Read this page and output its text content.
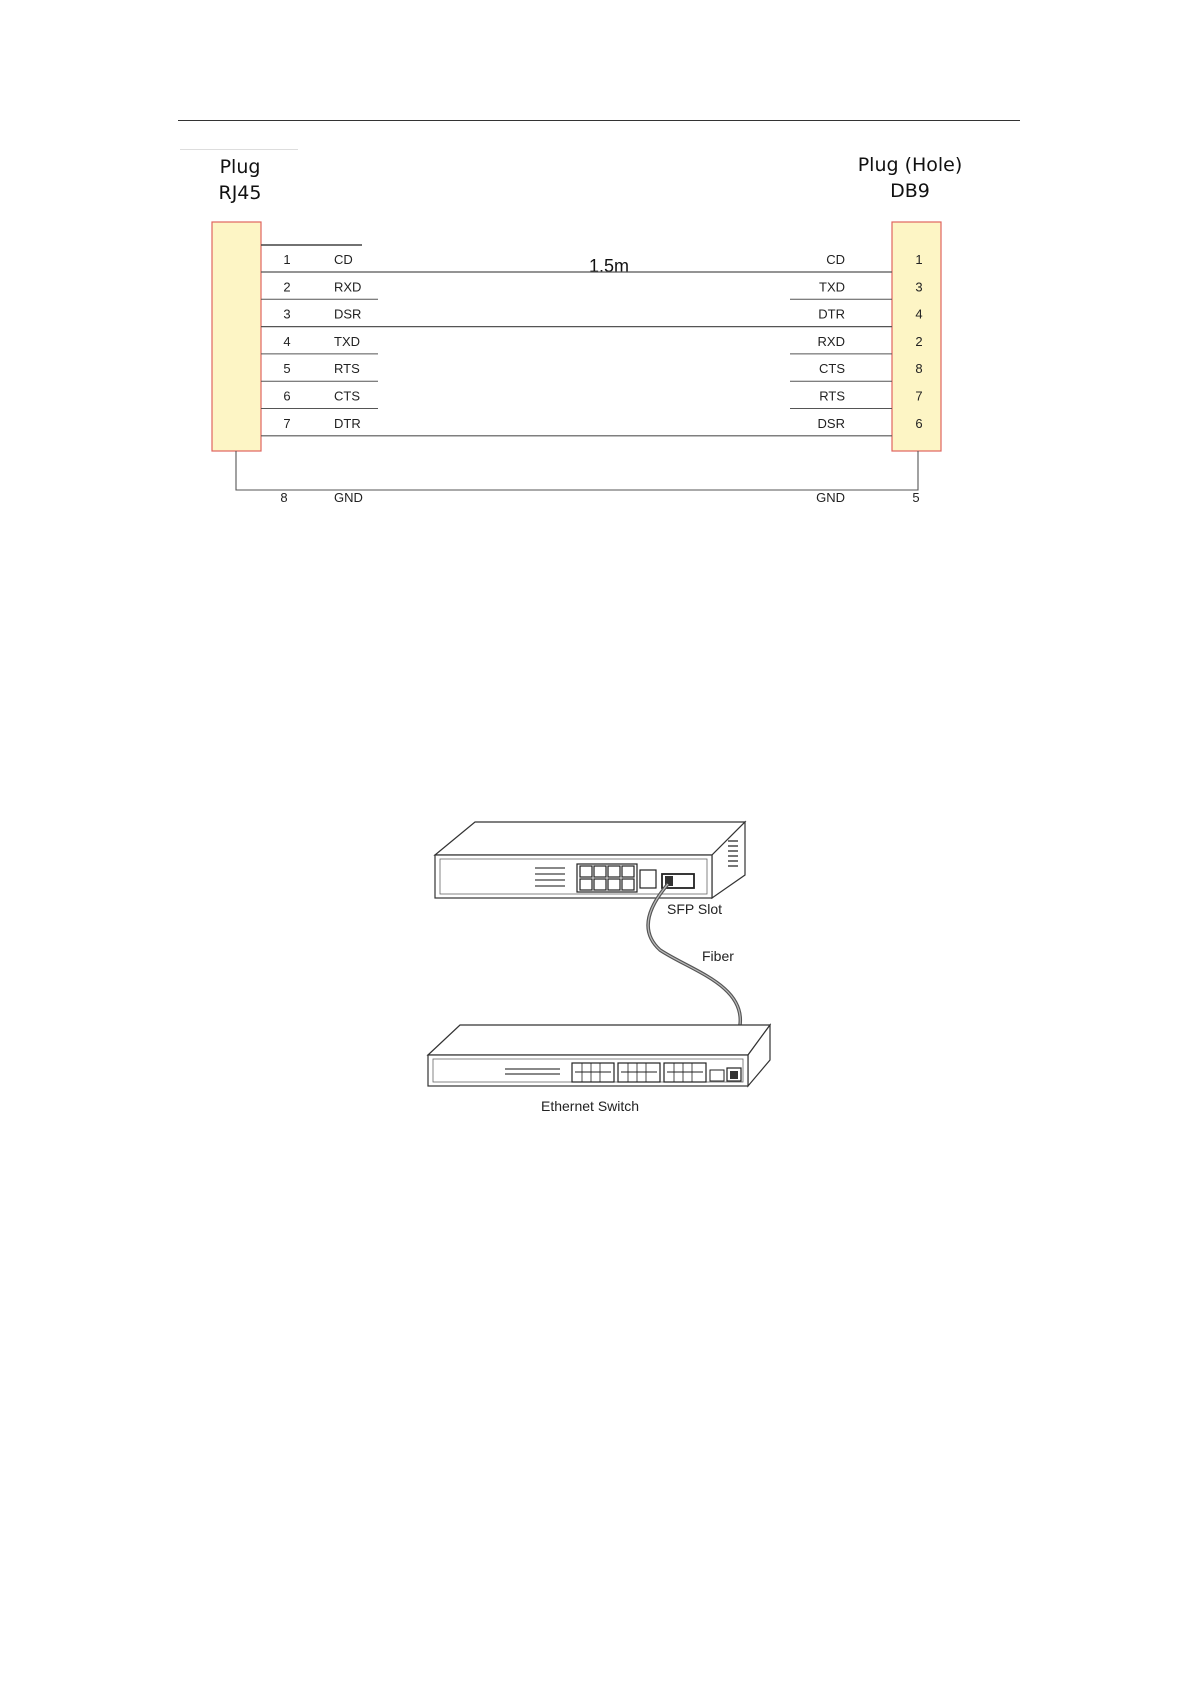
Plug
RJ45
Plug (Hole)
DB9
1.5m
1	CD	CD	1
2	RXD	TXD	3
3	DSR	DTR	4
4	TXD	RXD	2
5	RTS	CTS	8
6	CTS	RTS	7
7	DTR	DSR	6
8	GND	GND	5
SFP Slot
Fiber
Ethernet Switch
